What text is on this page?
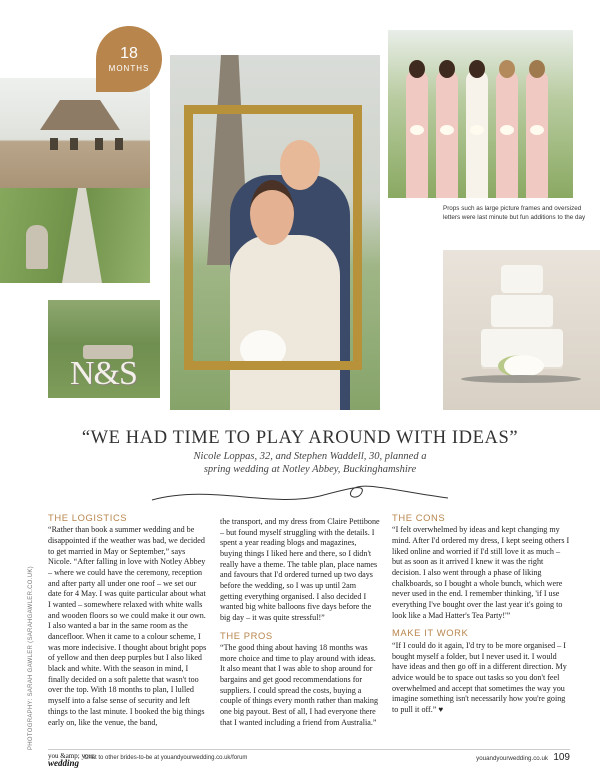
N&S
18
MONTHS
Props such as large picture frames and oversized letters were last minute but fun additions to the day
PHOTOGRAPHY: SARAH GAWLER (SARAHGAWLER.CO.UK)
“WE HAD TIME TO PLAY AROUND WITH IDEAS”
Nicole Loppas, 32, and Stephen Waddell, 30, planned a spring wedding at Notley Abbey, Buckinghamshire
THE LOGISTICS

“Rather than book a summer wedding and be disappointed if the weather was bad, we decided to get married in May or September,” says Nicole. “After falling in love with Notley Abbey – where we could have the ceremony, reception and after party all under one roof – we set our date for 4 May. I was quite particular about what I wanted – somewhere relaxed with white walls and wooden floors so we could make it our own. I also wanted a bar in the same room as the dancefloor. When it came to a colour scheme, I was more indecisive. I thought about bright pops of yellow and then deep purples but I also liked black and white. With the season in mind, I finally decided on a soft palette that wasn't too over the top. With 18 months to plan, I lulled myself into a false sense of security and left things to the last minute. I booked the big things early on, like the venue, the band,

the transport, and my dress from Claire Pettibone – but found myself struggling with the details. I spent a year reading blogs and magazines, buying things I liked here and there, so I didn't really have a theme. The table plan, place names and favours that I'd ordered turned up two days before the wedding, so I was up until 2am getting everything organised. I also decided I wanted big white balloons five days before the big day – it was quite stressful!”

THE PROS

“The good thing about having 18 months was more choice and time to play around with ideas. It also meant that I was able to shop around for bargains and get good recommendations for suppliers. I could spread the costs, buying a couple of things every month rather than making one big payout. Best of all, I had everyone there that I wanted including a friend from Australia.”

THE CONS

“I felt overwhelmed by ideas and kept changing my mind. After I'd ordered my dress, I kept seeing others I liked online and worried if I'd still love it as much – but as soon as it arrived I knew it was the right decision. I also went through a phase of liking chalkboards, so I bought a whole bunch, which were never used in the end. I remember thinking, 'if I use everything I've bought over the last year it's going to look like a Mad Hatter's Tea Party!'”

MAKE IT WORK

“If I could do it again, I'd try to be more organised – I bought myself a folder, but I never used it. I would have ideas and then go off in a different direction. My advice would be to space out tasks so you don't feel overwhelmed and accept that sometimes the way you imagine something isn't necessarily how you're going to pull it off.” ♥

you &amp; your
wedding
Chat to other brides-to-be at youandyourwedding.co.uk/forum	youandyourwedding.co.uk 109
